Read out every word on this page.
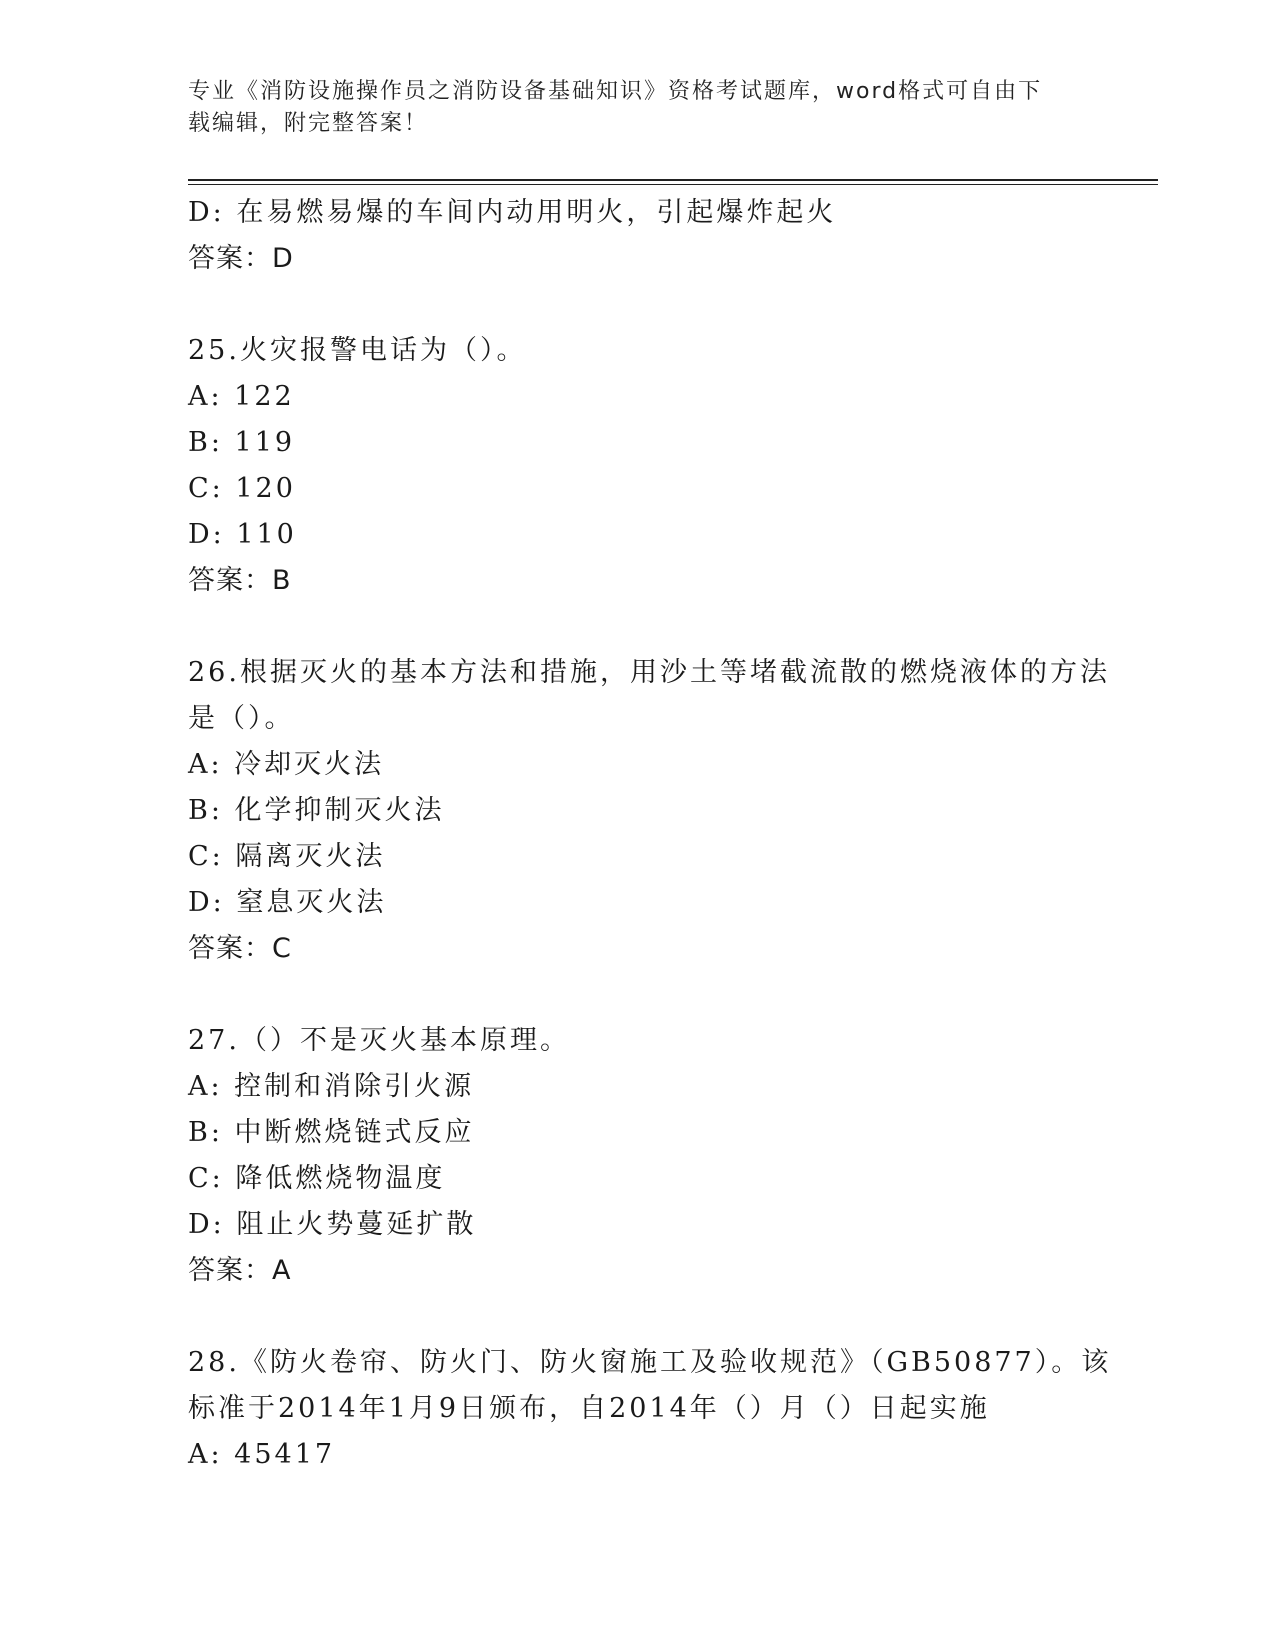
专业《消防设施操作员之消防设备基础知识》资格考试题库，word格式可自由下
载编辑，附完整答案！
D: 在易燃易爆的车间内动用明火，引起爆炸起火
答案：D
25.火灾报警电话为（）。
A: 122
B: 119
C: 120
D: 110
答案：B
26.根据灭火的基本方法和措施，用沙土等堵截流散的燃烧液体的方法
是（）。
A: 冷却灭火法
B: 化学抑制灭火法
C: 隔离灭火法
D: 窒息灭火法
答案：C
27.（）不是灭火基本原理。
A: 控制和消除引火源
B: 中断燃烧链式反应
C: 降低燃烧物温度
D: 阻止火势蔓延扩散
答案：A
28.《防火卷帘、防火门、防火窗施工及验收规范》（GB50877）。该
标准于2014年1月9日颁布，自2014年（）月（）日起实施
A: 45417
